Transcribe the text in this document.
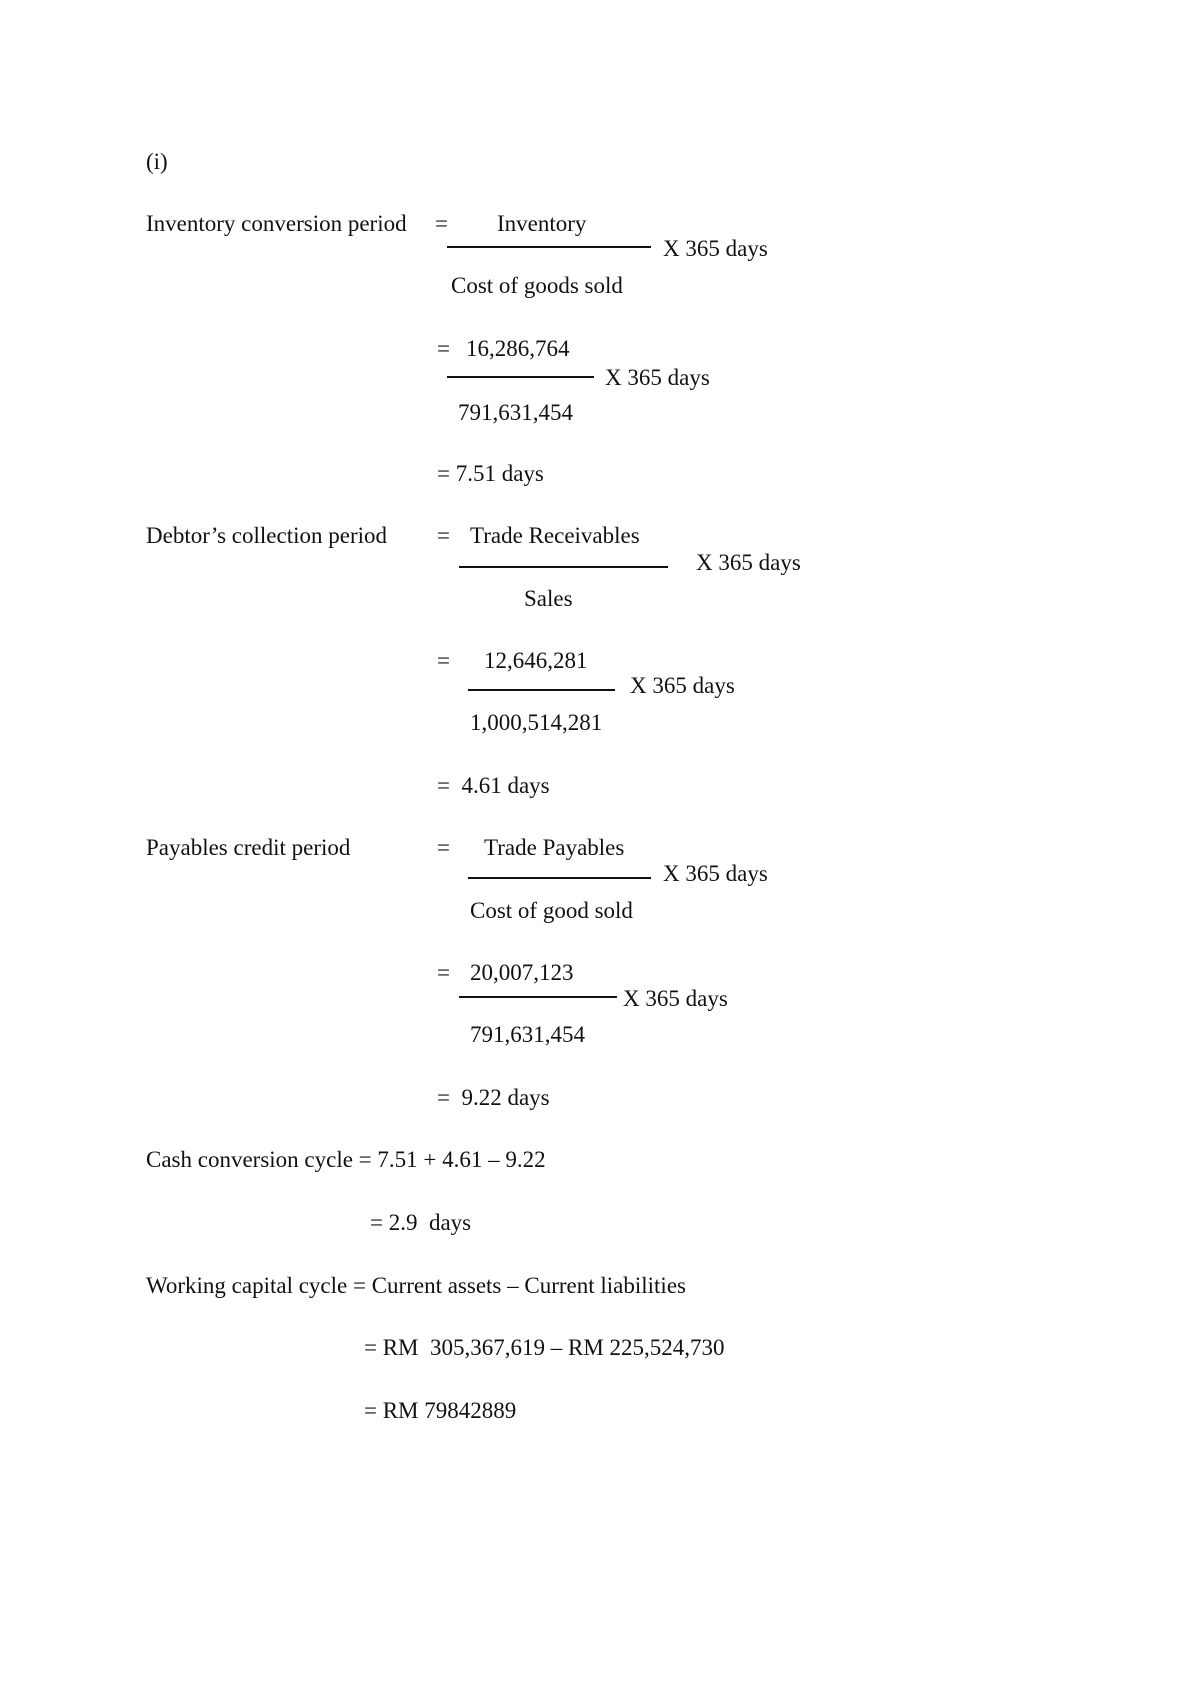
(i)
Inventory conversion period = Inventory
X 365 days
Cost of goods sold
= 16,286,764
X 365 days
791,631,454
= 7.51 days
Debtor’s collection period = Trade Receivables
X 365 days
Sales
= 12,646,281
X 365 days
1,000,514,281
=  4.61 days
Payables credit period	= Trade Payables
X 365 days
Cost of good sold
= 20,007,123
X 365 days
791,631,454
=  9.22 days
Cash conversion cycle = 7.51 + 4.61 – 9.22
= 2.9  days
Working capital cycle = Current assets – Current liabilities
= RM  305,367,619 – RM 225,524,730
= RM 79842889
